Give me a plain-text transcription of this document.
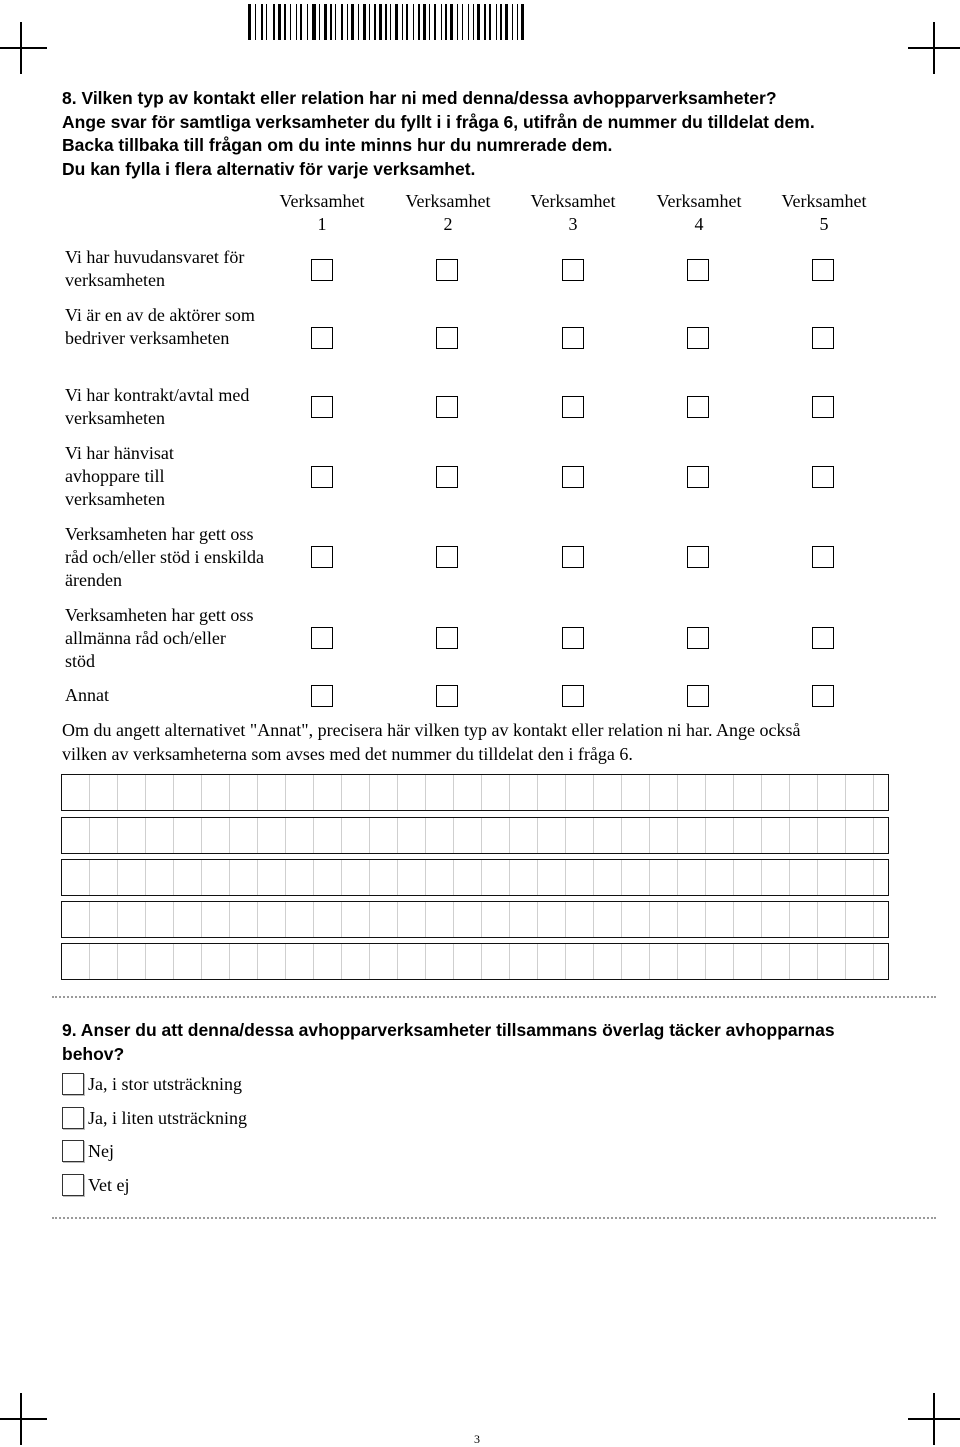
8. Vilken typ av kontakt eller relation har ni med denna/dessa avhopparverksamheter?
Ange svar för samtliga verksamheter du fyllt i i fråga 6, utifrån de nummer du tilldelat dem.
Backa tillbaka till frågan om du inte minns hur du numrerade dem.
Du kan fylla i flera alternativ för varje verksamhet.
Verksamhet
1
Verksamhet
2
Verksamhet
3
Verksamhet
4
Verksamhet
5
Vi har huvudansvaret för verksamheten
Vi är en av de aktörer som bedriver verksamheten
Vi har kontrakt/avtal med verksamheten
Vi har hänvisat avhoppare till verksamheten
Verksamheten har gett oss råd och/eller stöd i enskilda ärenden
Verksamheten har gett oss allmänna råd och/eller stöd
Annat
Om du angett alternativet "Annat", precisera här vilken typ av kontakt eller relation ni har. Ange också
vilken av verksamheterna som avses med det nummer du tilldelat den i fråga 6.
9. Anser du att denna/dessa avhopparverksamheter tillsammans överlag täcker avhopparnas
behov?
Ja, i stor utsträckning
Ja, i liten utsträckning
Nej
Vet ej
3
